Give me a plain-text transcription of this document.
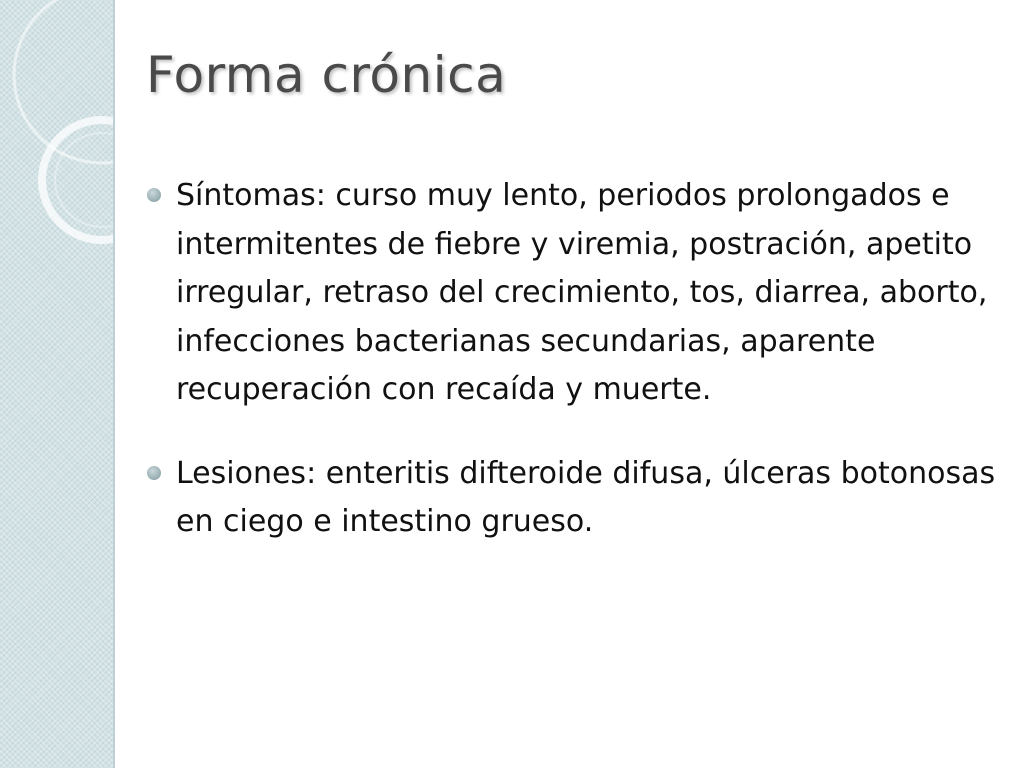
Forma crónica
Síntomas: curso muy lento, periodos prolongados e intermitentes de fiebre y viremia, postración, apetito irregular, retraso del crecimiento, tos, diarrea, aborto, infecciones bacterianas secundarias, aparente recuperación con recaída y muerte.
Lesiones: enteritis difteroide difusa, úlceras botonosas en ciego e intestino grueso.
